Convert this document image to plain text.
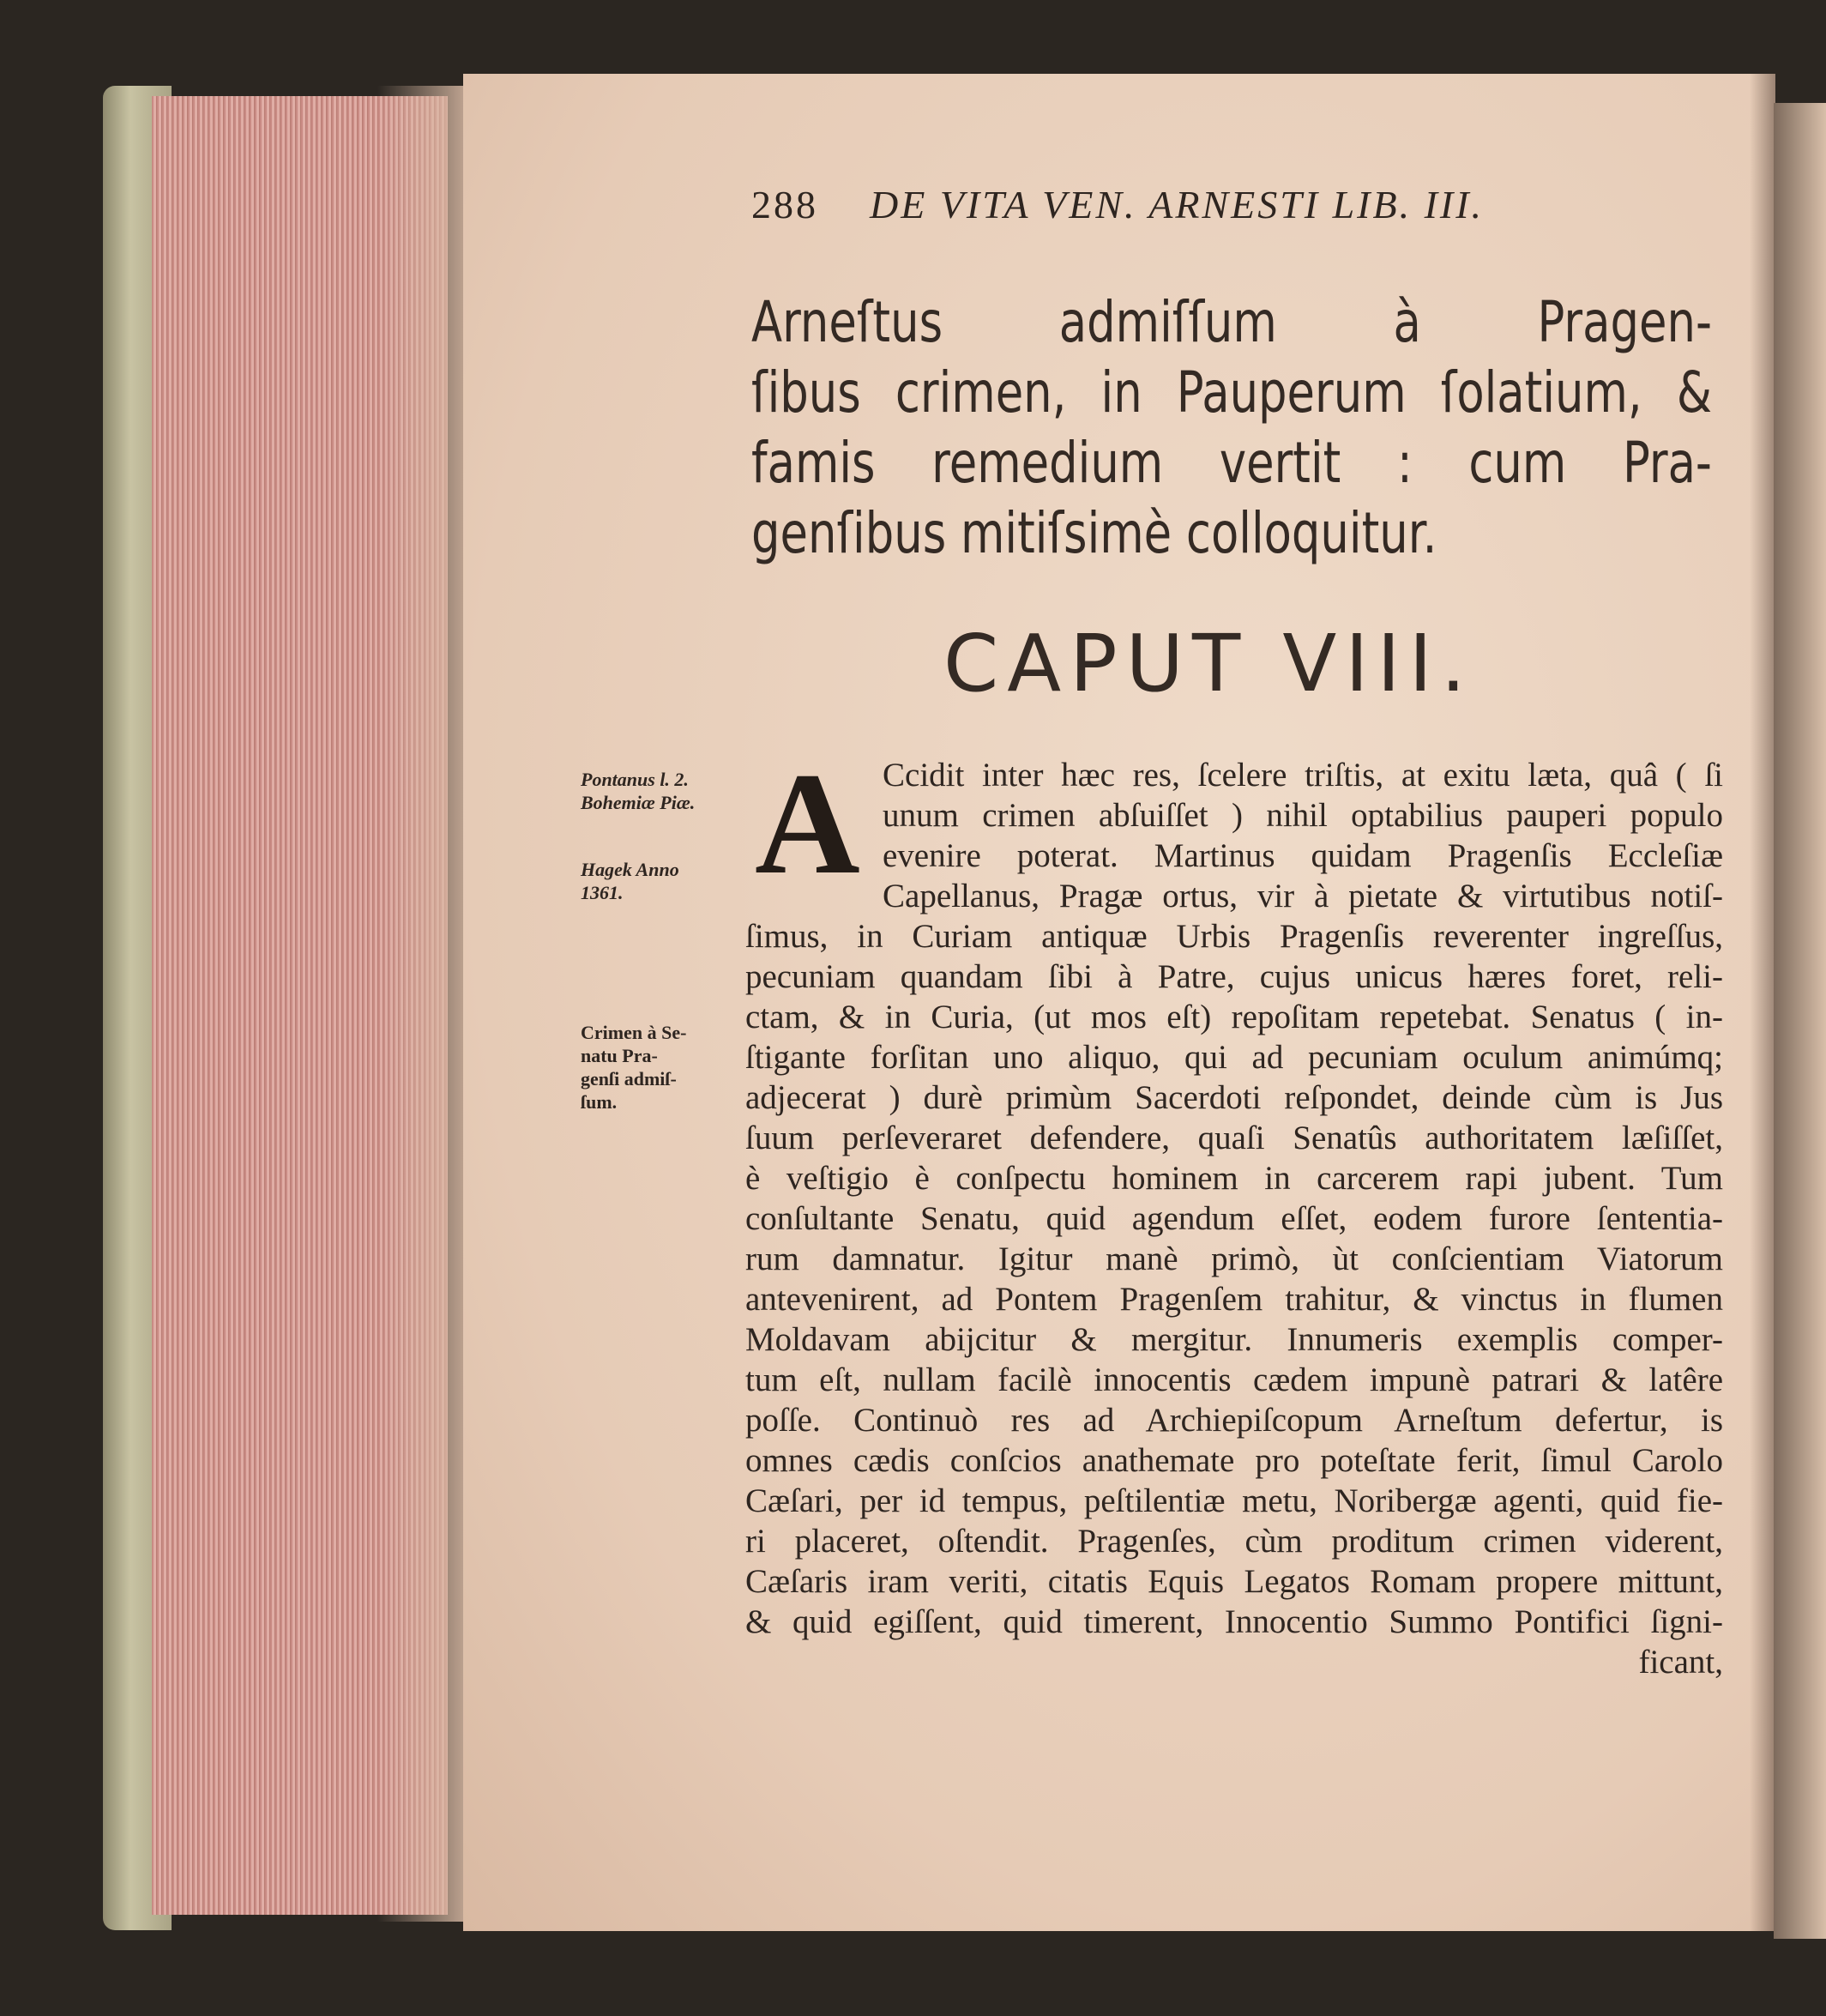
288 DE VITA VEN. ARNESTI LIB. III.
Arneſtus admiſſum à Pragen-
ſibus crimen, in Pauperum ſolatium, &
famis remedium vertit : cum Pra-
genſibus mitiſsimè colloquitur.
CAPUT VIII.
A Ccidit inter hæc res, ſcelere triſtis, at exitu læta, quâ ( ſi
unum crimen abſuiſſet ) nihil optabilius pauperi populo
evenire poterat. Martinus quidam Pragenſis Eccleſiæ
Capellanus, Pragæ ortus, vir à pietate & virtutibus notiſ-
ſimus, in Curiam antiquæ Urbis Pragenſis reverenter ingreſſus,
pecuniam quandam ſibi à Patre, cujus unicus hæres foret, reli-
ctam, & in Curia, (ut mos eſt) repoſitam repetebat. Senatus ( in-
ſtigante forſitan uno aliquo, qui ad pecuniam oculum animúmq;
adjecerat ) durè primùm Sacerdoti reſpondet, deinde cùm is Jus
ſuum perſeveraret defendere, quaſi Senatûs authoritatem læſiſſet,
è veſtigio è conſpectu hominem in carcerem rapi jubent. Tum
conſultante Senatu, quid agendum eſſet, eodem furore ſententia-
rum damnatur. Igitur manè primò, ùt conſcientiam Viatorum
antevenirent, ad Pontem Pragenſem trahitur, & vinctus in flumen
Moldavam abijcitur & mergitur. Innumeris exemplis comper-
tum eſt, nullam facilè innocentis cædem impunè patrari & latêre
poſſe. Continuò res ad Archiepiſcopum Arneſtum defertur, is
omnes cædis conſcios anathemate pro poteſtate ferit, ſimul Carolo
Cæſari, per id tempus, peſtilentiæ metu, Noribergæ agenti, quid fie-
ri placeret, oſtendit. Pragenſes, cùm proditum crimen viderent,
Cæſaris iram veriti, citatis Equis Legatos Romam propere mittunt,
& quid egiſſent, quid timerent, Innocentio Summo Pontifici ſigni-
ficant,
Pontanus l. 2.
Bohemiæ Piæ.
Hagek Anno
1361.
Crimen à Se-
natu Pra-
genſi admiſ-
ſum.
